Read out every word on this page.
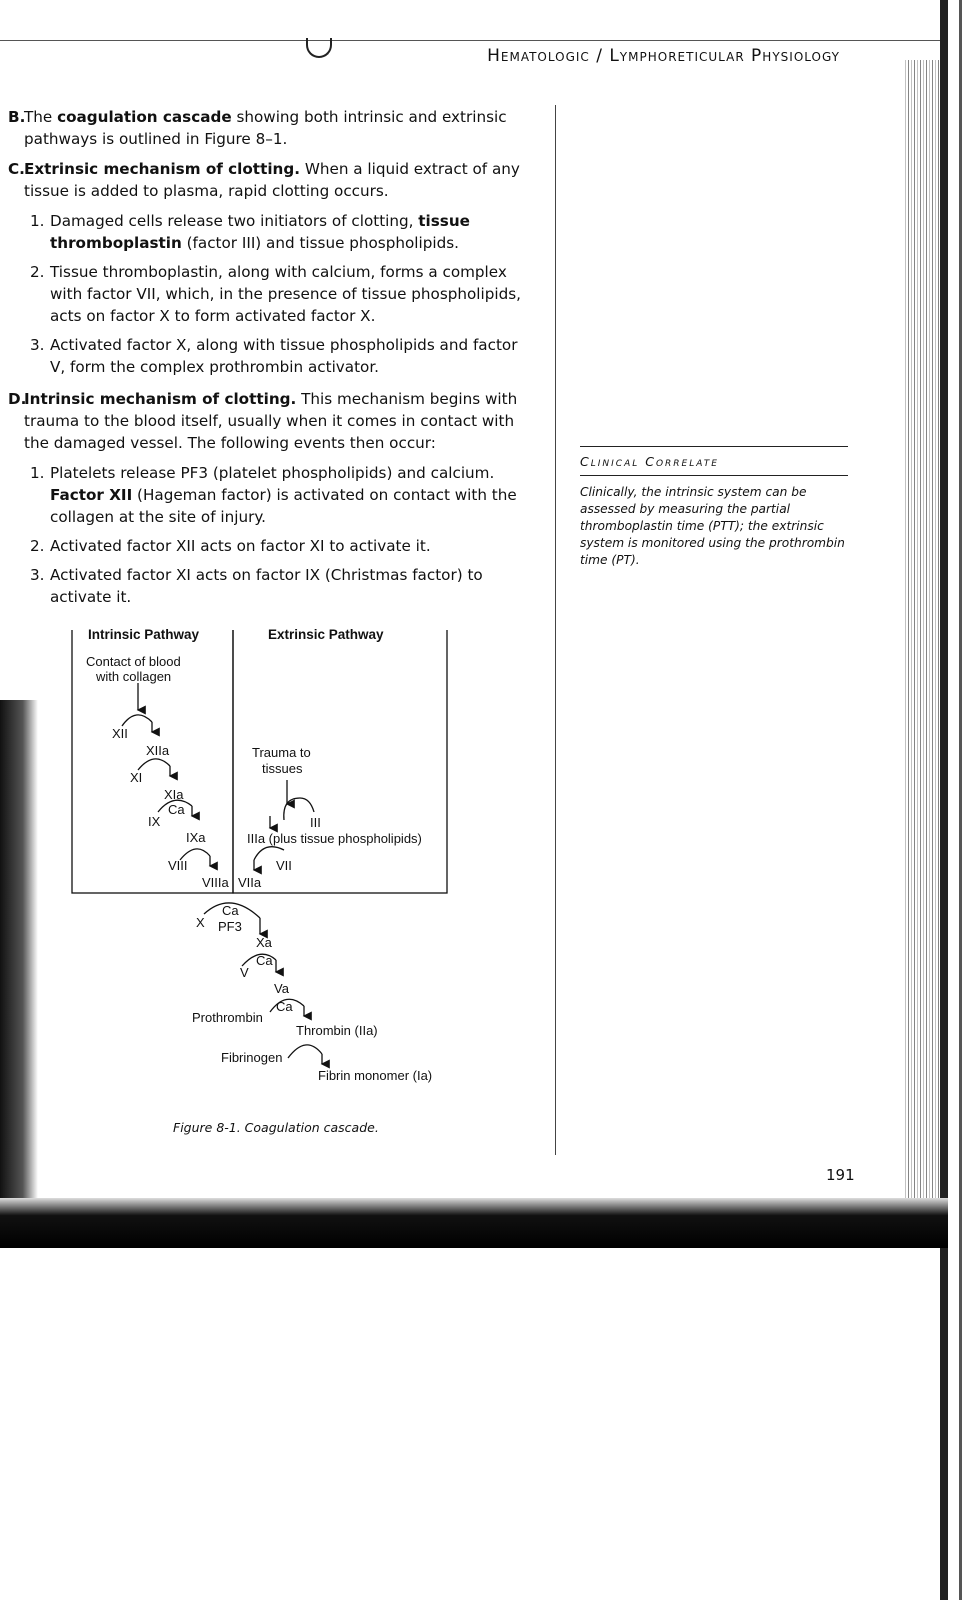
Hematologic / Lymphoreticular Physiology

B.The coagulation cascade showing both intrinsic and extrinsic pathways is outlined in Figure 8–1.

C.Extrinsic mechanism of clotting. When a liquid extract of any tissue is added to plasma, rapid clotting occurs.

1. Damaged cells release two initiators of clotting, tissue thromboplastin (factor III) and tissue phospholipids.

2. Tissue thromboplastin, along with calcium, forms a complex with factor VII, which, in the presence of tissue phospholipids, acts on factor X to form activated factor X.

3. Activated factor X, along with tissue phospholipids and factor V, form the complex prothrombin activator.

D.Intrinsic mechanism of clotting. This mechanism begins with trauma to the blood itself, usually when it comes in contact with the damaged vessel. The following events then occur:

1. Platelets release PF3 (platelet phospholipids) and calcium. Factor XII (Hageman factor) is activated on contact with the collagen at the site of injury.

2. Activated factor XII acts on factor XI to activate it.

3. Activated factor XI acts on factor IX (Christmas factor) to activate it.

Clinical Correlate
Clinically, the intrinsic system can be assessed by measuring the partial thromboplastin time (PTT); the extrinsic system is monitored using the prothrombin time (PT).
Intrinsic Pathway	Extrinsic Pathway
Contact of blood
with collagen
XII
XIIa
XI
XIa
IX
Ca
IXa
VIII
VIIIa
Trauma to
tissues
III
IIIa (plus tissue phospholipids)
VII
VIIa
X
Ca
PF3
Xa
V
Ca
Va
Prothrombin
Ca
Thrombin (IIa)
Fibrinogen
Fibrin monomer (Ia)
Figure 8-1. Coagulation cascade.
191
